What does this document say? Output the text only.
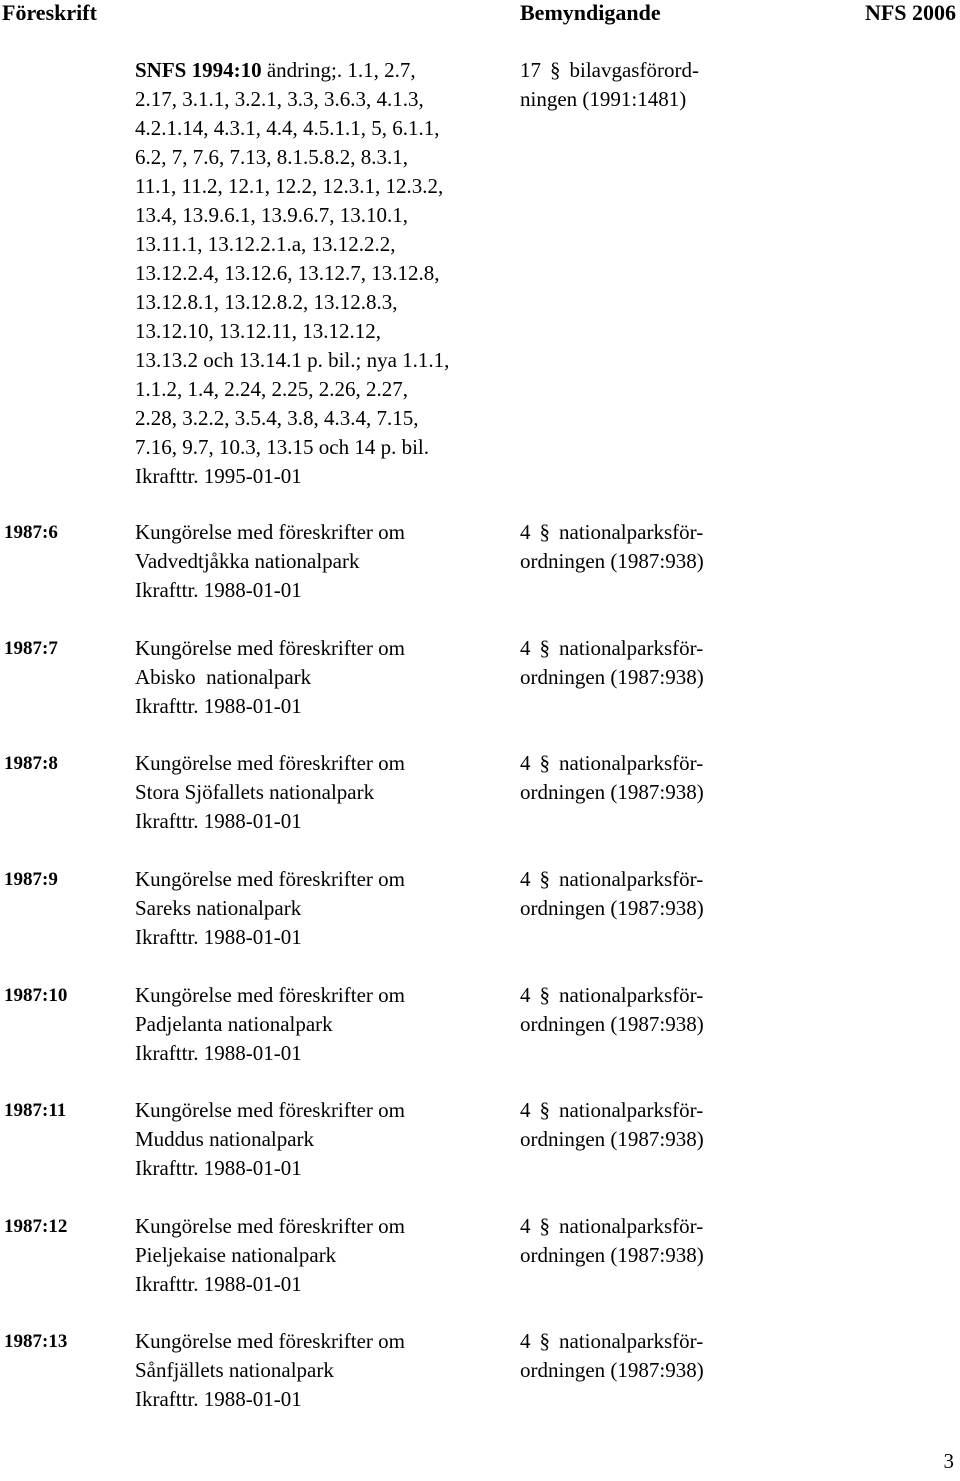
Föreskrift	Bemyndigande	NFS 2006
SNFS 1994:10 ändring;. 1.1, 2.7,
2.17, 3.1.1, 3.2.1, 3.3, 3.6.3, 4.1.3,
4.2.1.14, 4.3.1, 4.4, 4.5.1.1, 5, 6.1.1,
6.2, 7, 7.6, 7.13, 8.1.5.8.2, 8.3.1,
11.1, 11.2, 12.1, 12.2, 12.3.1, 12.3.2,
13.4, 13.9.6.1, 13.9.6.7, 13.10.1,
13.11.1, 13.12.2.1.a, 13.12.2.2,
13.12.2.4, 13.12.6, 13.12.7, 13.12.8,
13.12.8.1, 13.12.8.2, 13.12.8.3,
13.12.10, 13.12.11, 13.12.12,
13.13.2 och 13.14.1 p. bil.; nya 1.1.1,
1.1.2, 1.4, 2.24, 2.25, 2.26, 2.27,
2.28, 3.2.2, 3.5.4, 3.8, 4.3.4, 7.15,
7.16, 9.7, 10.3, 13.15 och 14 p. bil.
Ikrafttr. 1995-01-01
17 § bilavgasförord-
ningen (1991:1481)
1987:6	Kungörelse med föreskrifter om
Vadvedtjåkka nationalpark
Ikrafttr. 1988-01-01
4 § nationalparksför-
ordningen (1987:938)
1987:7	Kungörelse med föreskrifter om
Abisko  nationalpark
Ikrafttr. 1988-01-01
4 § nationalparksför-
ordningen (1987:938)
1987:8	Kungörelse med föreskrifter om
Stora Sjöfallets nationalpark
Ikrafttr. 1988-01-01
4 § nationalparksför-
ordningen (1987:938)
1987:9	Kungörelse med föreskrifter om
Sareks nationalpark
Ikrafttr. 1988-01-01
4 § nationalparksför-
ordningen (1987:938)
1987:10	Kungörelse med föreskrifter om
Padjelanta nationalpark
Ikrafttr. 1988-01-01
4 § nationalparksför-
ordningen (1987:938)
1987:11	Kungörelse med föreskrifter om
Muddus nationalpark
Ikrafttr. 1988-01-01
4 § nationalparksför-
ordningen (1987:938)
1987:12	Kungörelse med föreskrifter om
Pieljekaise nationalpark
Ikrafttr. 1988-01-01
4 § nationalparksför-
ordningen (1987:938)
1987:13	Kungörelse med föreskrifter om
Sånfjällets nationalpark
Ikrafttr. 1988-01-01
4 § nationalparksför-
ordningen (1987:938)
3
